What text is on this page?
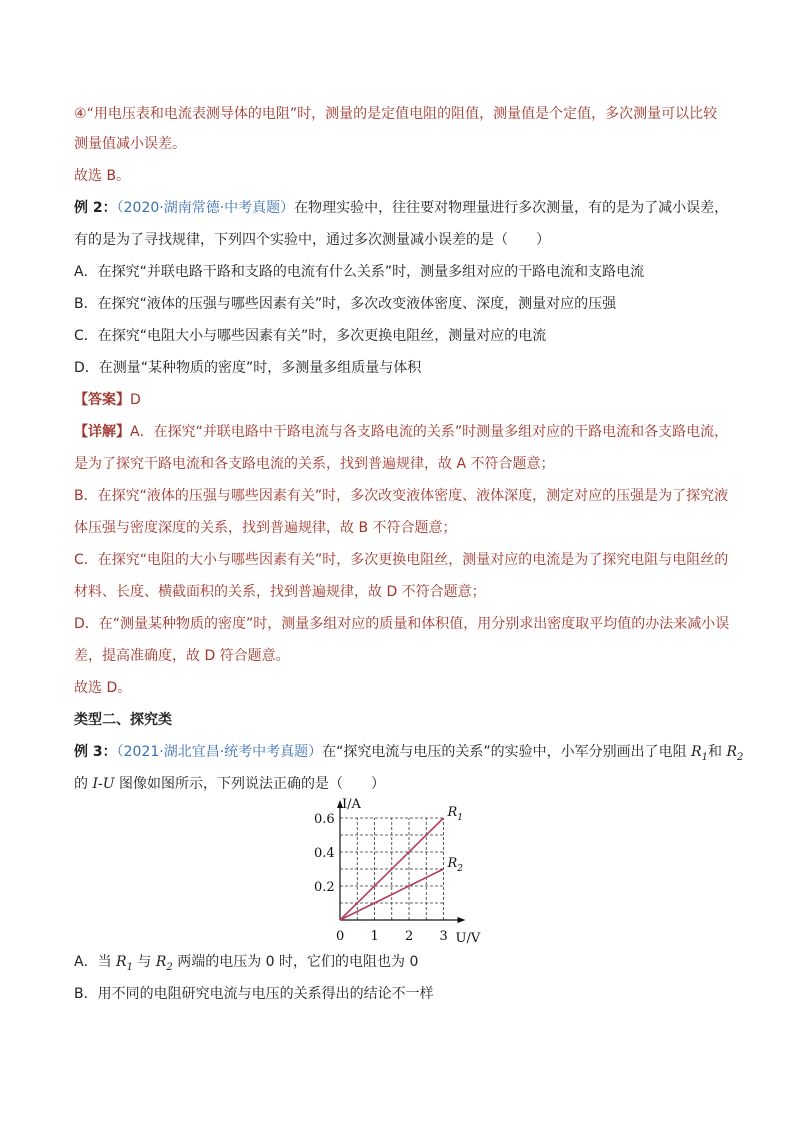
④“用电压表和电流表测导体的电阻”时，测量的是定值电阻的阻值，测量值是个定值，多次测量可以比较
测量值减小误差。
故选 B。
例 2：（2020·湖南常德·中考真题）在物理实验中，往往要对物理量进行多次测量，有的是为了减小误差，
有的是为了寻找规律，下列四个实验中，通过多次测量减小误差的是（　　）
A．在探究“并联电路干路和支路的电流有什么关系”时，测量多组对应的干路电流和支路电流
B．在探究“液体的压强与哪些因素有关”时，多次改变液体密度、深度，测量对应的压强
C．在探究“电阻大小与哪些因素有关”时，多次更换电阻丝，测量对应的电流
D．在测量“某种物质的密度”时，多测量多组质量与体积
【答案】D
【详解】A．在探究“并联电路中干路电流与各支路电流的关系”时测量多组对应的干路电流和各支路电流，
是为了探究干路电流和各支路电流的关系，找到普遍规律，故 A 不符合题意；
B．在探究“液体的压强与哪些因素有关”时，多次改变液体密度、液体深度，测定对应的压强是为了探究液
体压强与密度深度的关系，找到普遍规律，故 B 不符合题意；
C．在探究“电阻的大小与哪些因素有关”时，多次更换电阻丝，测量对应的电流是为了探究电阻与电阻丝的
材料、长度、横截面积的关系，找到普遍规律，故 D 不符合题意；
D．在“测量某种物质的密度”时，测量多组对应的质量和体积值，用分别求出密度取平均值的办法来减小误
差，提高准确度，故 D 符合题意。
故选 D。
类型二、探究类
例 3：（2021·湖北宜昌·统考中考真题）在“探究电流与电压的关系”的实验中，小军分别画出了电阻 $R_1$和 $R_2$
的 I-U 图像如图所示，下列说法正确的是（　　）
I/A
U/V
0 1 2 3
0.2
0.4
0.6	$R_1$
$R_2$
A．当 $R_1$ 与 $R_2$ 两端的电压为 0 时，它们的电阻也为 0
B．用不同的电阻研究电流与电压的关系得出的结论不一样
